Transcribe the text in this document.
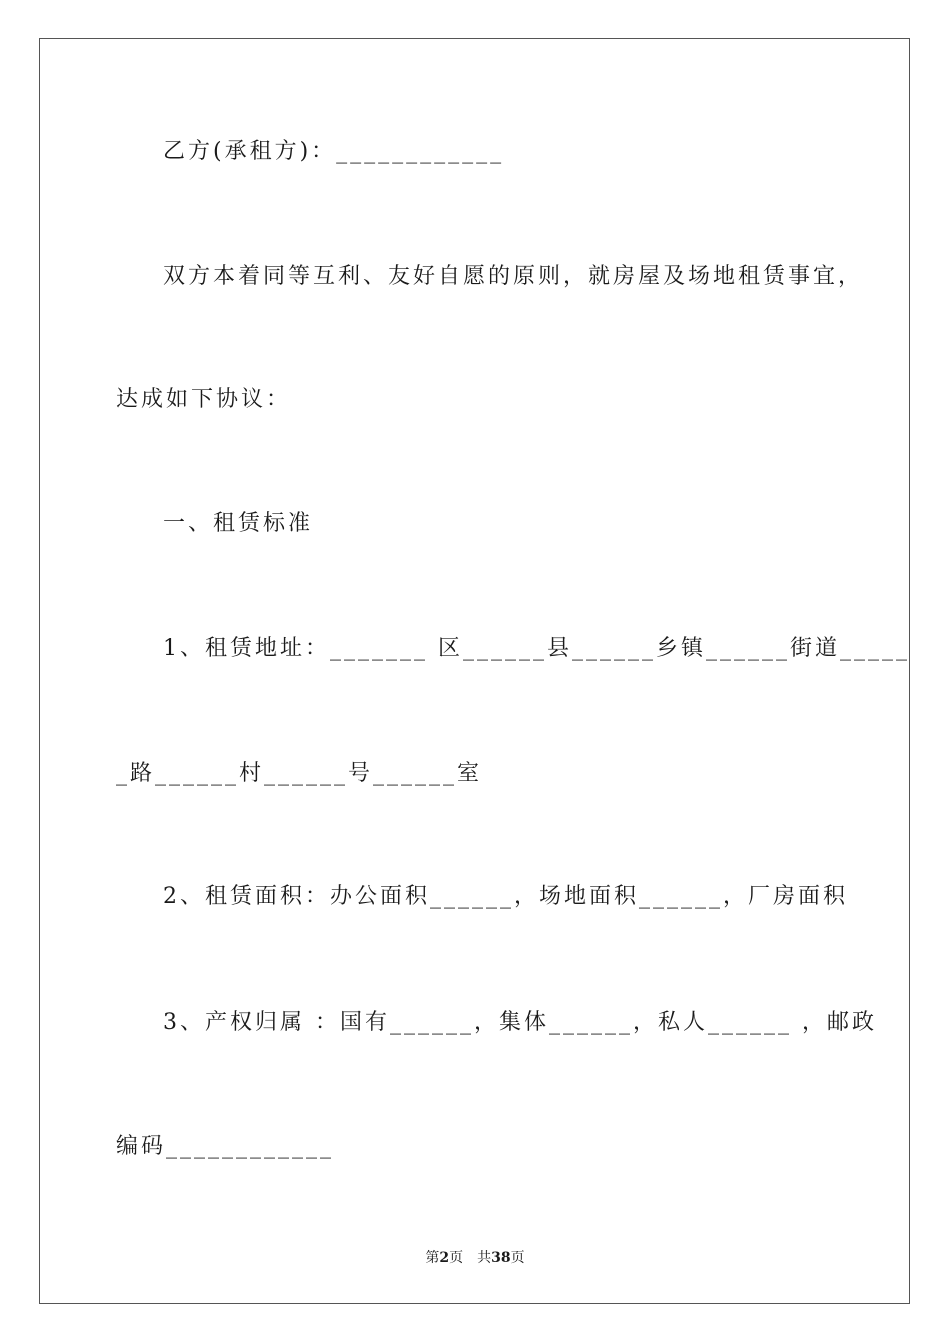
乙方(承租方)：____________
双方本着同等互利、友好自愿的原则，就房屋及场地租赁事宜，
达成如下协议：
一、租赁标准
1、租赁地址：_______ 区______县______乡镇______街道_____
_路______村______号______室
2、租赁面积：办公面积______，场地面积______，厂房面积
3、产权归属 ：国有______，集体______，私人______ ，邮政
编码____________
第2页　共38页
